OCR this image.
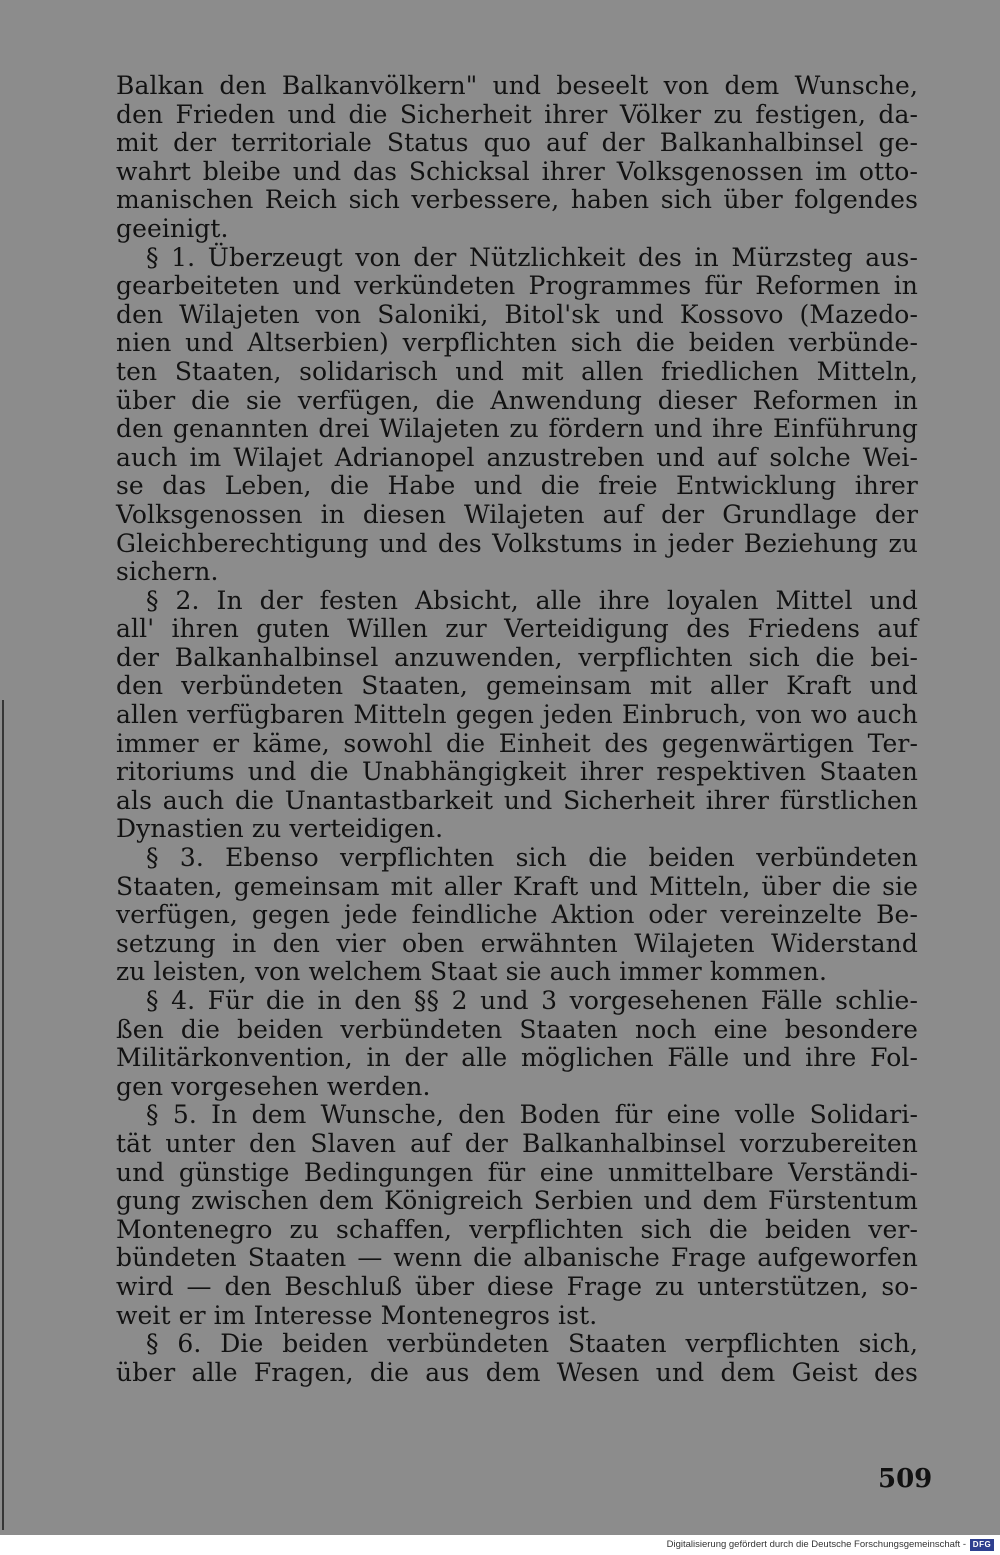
Balkan den Balkanvölkern" und beseelt von dem Wunsche,
den Frieden und die Sicherheit ihrer Völker zu festigen, da-
mit der territoriale Status quo auf der Balkanhalbinsel ge-
wahrt bleibe und das Schicksal ihrer Volksgenossen im otto-
manischen Reich sich verbessere, haben sich über folgendes
geeinigt.
§ 1. Überzeugt von der Nützlichkeit des in Mürzsteg aus-
gearbeiteten und verkündeten Programmes für Reformen in
den Wilajeten von Saloniki, Bitol'sk und Kossovo (Mazedo-
nien und Altserbien) verpflichten sich die beiden verbünde-
ten Staaten, solidarisch und mit allen friedlichen Mitteln,
über die sie verfügen, die Anwendung dieser Reformen in
den genannten drei Wilajeten zu fördern und ihre Einführung
auch im Wilajet Adrianopel anzustreben und auf solche Wei-
se das Leben, die Habe und die freie Entwicklung ihrer
Volksgenossen in diesen Wilajeten auf der Grundlage der
Gleichberechtigung und des Volkstums in jeder Beziehung zu
sichern.
§ 2. In der festen Absicht, alle ihre loyalen Mittel und
all' ihren guten Willen zur Verteidigung des Friedens auf
der Balkanhalbinsel anzuwenden, verpflichten sich die bei-
den verbündeten Staaten, gemeinsam mit aller Kraft und
allen verfügbaren Mitteln gegen jeden Einbruch, von wo auch
immer er käme, sowohl die Einheit des gegenwärtigen Ter-
ritoriums und die Unabhängigkeit ihrer respektiven Staaten
als auch die Unantastbarkeit und Sicherheit ihrer fürstlichen
Dynastien zu verteidigen.
§ 3. Ebenso verpflichten sich die beiden verbündeten
Staaten, gemeinsam mit aller Kraft und Mitteln, über die sie
verfügen, gegen jede feindliche Aktion oder vereinzelte Be-
setzung in den vier oben erwähnten Wilajeten Widerstand
zu leisten, von welchem Staat sie auch immer kommen.
§ 4. Für die in den §§ 2 und 3 vorgesehenen Fälle schlie-
ßen die beiden verbündeten Staaten noch eine besondere
Militärkonvention, in der alle möglichen Fälle und ihre Fol-
gen vorgesehen werden.
§ 5. In dem Wunsche, den Boden für eine volle Solidari-
tät unter den Slaven auf der Balkanhalbinsel vorzubereiten
und günstige Bedingungen für eine unmittelbare Verständi-
gung zwischen dem Königreich Serbien und dem Fürstentum
Montenegro zu schaffen, verpflichten sich die beiden ver-
bündeten Staaten — wenn die albanische Frage aufgeworfen
wird — den Beschluß über diese Frage zu unterstützen, so-
weit er im Interesse Montenegros ist.
§ 6. Die beiden verbündeten Staaten verpflichten sich,
über alle Fragen, die aus dem Wesen und dem Geist des
509
Digitalisierung gefördert durch die Deutsche Forschungsgemeinschaft - DFG
